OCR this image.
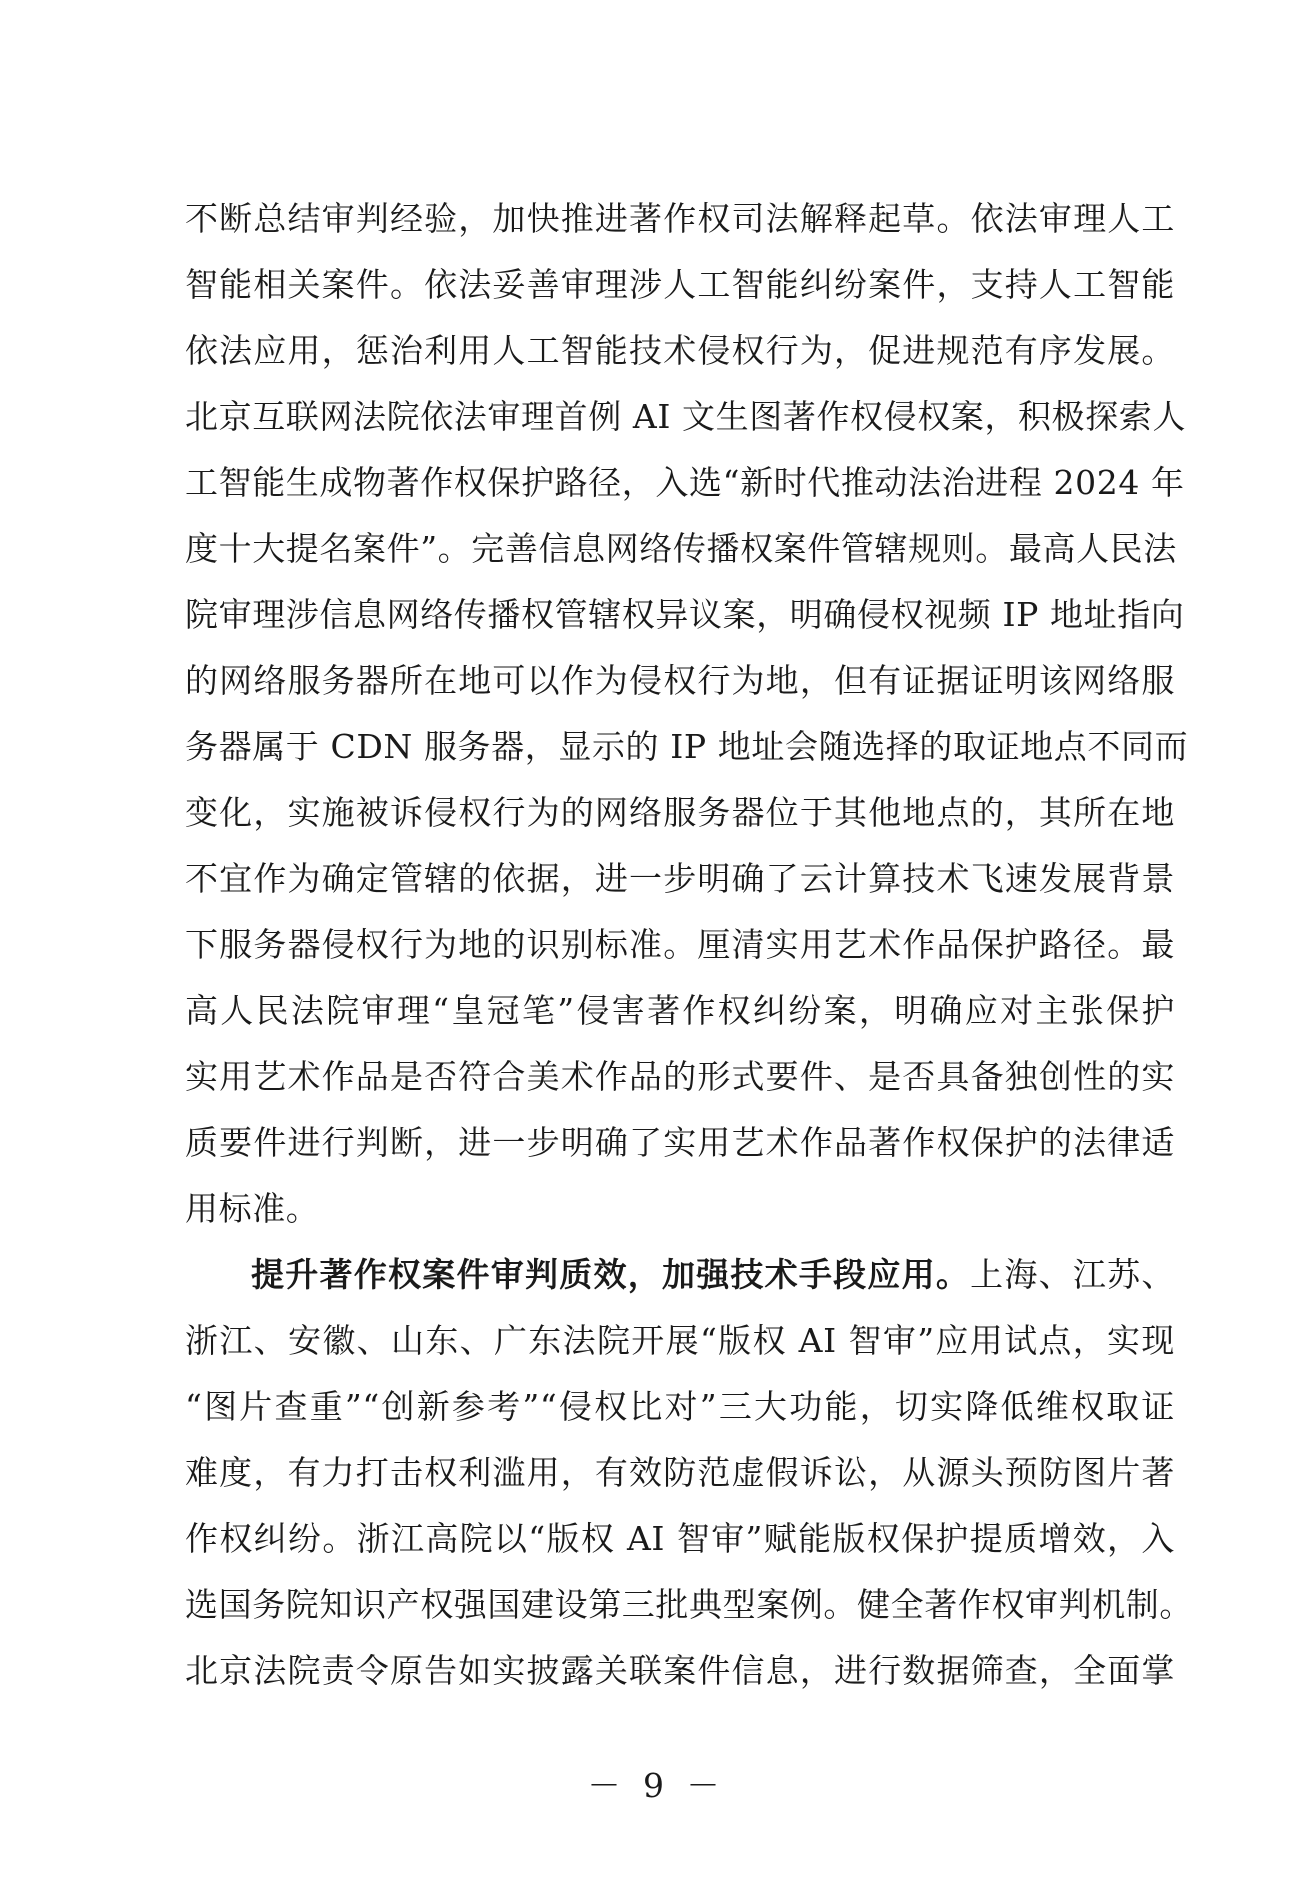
不断总结审判经验，加快推进著作权司法解释起草。依法审理人工
智能相关案件。依法妥善审理涉人工智能纠纷案件，支持人工智能
依法应用，惩治利用人工智能技术侵权行为，促进规范有序发展。
北京互联网法院依法审理首例 AI 文生图著作权侵权案，积极探索人
工智能生成物著作权保护路径，入选“新时代推动法治进程 2024 年
度十大提名案件”。完善信息网络传播权案件管辖规则。最高人民法
院审理涉信息网络传播权管辖权异议案，明确侵权视频 IP 地址指向
的网络服务器所在地可以作为侵权行为地，但有证据证明该网络服
务器属于 CDN 服务器，显示的 IP 地址会随选择的取证地点不同而
变化，实施被诉侵权行为的网络服务器位于其他地点的，其所在地
不宜作为确定管辖的依据，进一步明确了云计算技术飞速发展背景
下服务器侵权行为地的识别标准。厘清实用艺术作品保护路径。最
高人民法院审理“皇冠笔”侵害著作权纠纷案，明确应对主张保护
实用艺术作品是否符合美术作品的形式要件、是否具备独创性的实
质要件进行判断，进一步明确了实用艺术作品著作权保护的法律适
用标准。
提升著作权案件审判质效，加强技术手段应用。上海、江苏、
浙江、安徽、山东、广东法院开展“版权 AI 智审”应用试点，实现
“图片查重”“创新参考”“侵权比对”三大功能，切实降低维权取证
难度，有力打击权利滥用，有效防范虚假诉讼，从源头预防图片著
作权纠纷。浙江高院以“版权 AI 智审”赋能版权保护提质增效，入
选国务院知识产权强国建设第三批典型案例。健全著作权审判机制。
北京法院责令原告如实披露关联案件信息，进行数据筛查，全面掌
－ 9 －
